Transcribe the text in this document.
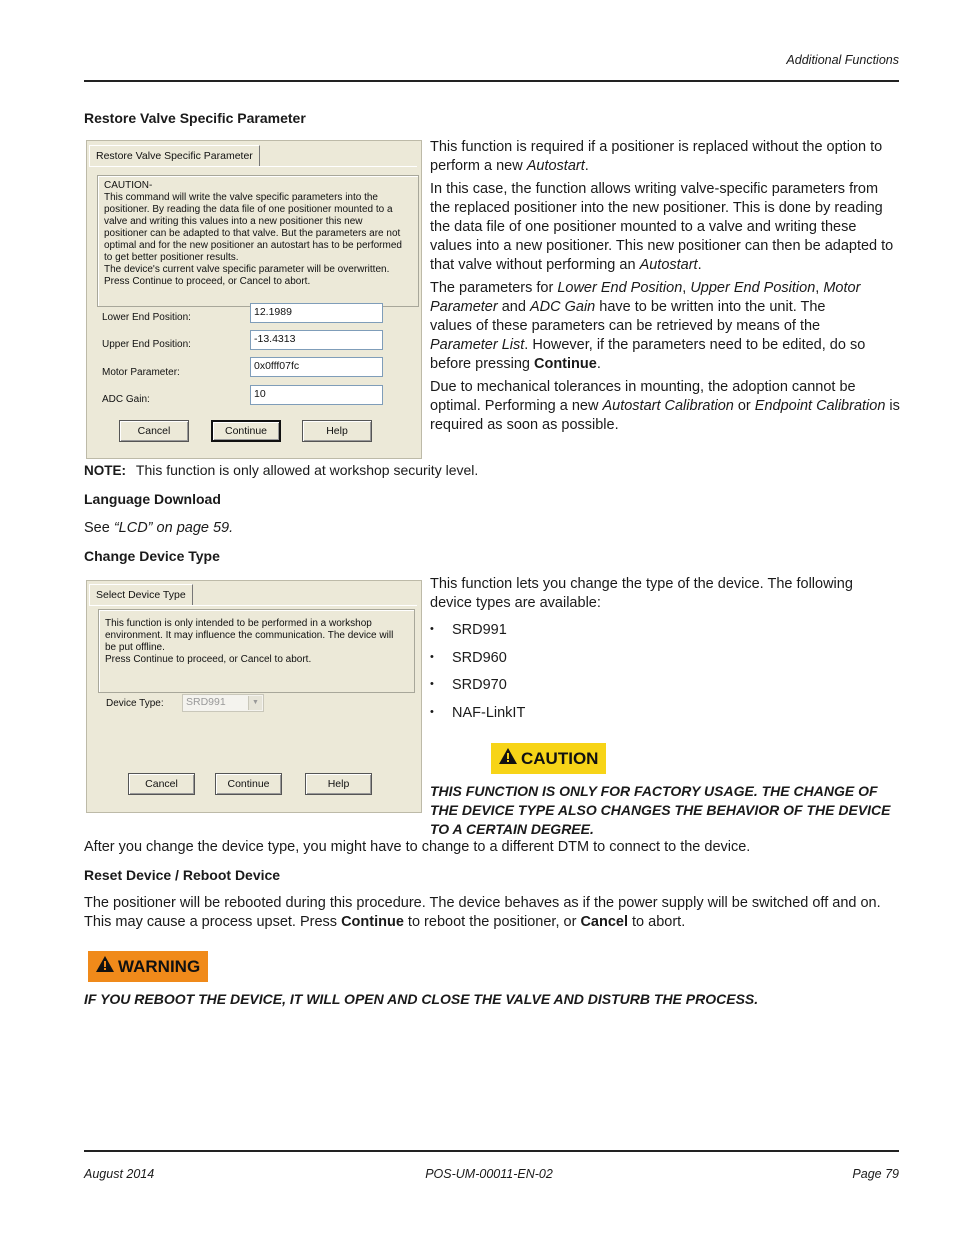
Additional Functions
Restore Valve Specific Parameter
Restore Valve Specific Parameter
CAUTION-
This command will write the valve specific parameters into the
positioner. By reading the data file of one positioner mounted to a
valve and writing this values into a new positioner this new
positioner can be adapted to that valve. But the parameters are not
optimal and for the new positioner an autostart has to be performed
to get better positioner results.
The device's current valve specific parameter will be overwritten.
Press Continue to proceed, or Cancel to abort.
Lower End Position:	12.1989
Upper End Position:	-13.4313
Motor Parameter:
0x0fff07fc
ADC Gain:	10
Cancel	Continue	Help

This function is required if a positioner is replaced without the option to perform a new Autostart.

In this case, the function allows writing valve-specific parameters from the replaced positioner into the new positioner. This is done by reading the data file of one positioner mounted to a valve and writing these values into a new positioner. This new positioner can then be adapted to that valve without performing an Autostart.

The parameters for Lower End Position, Upper End Position, Motor Parameter and ADC Gain have to be written into the unit. The values of these parameters can be retrieved by means of the Parameter List. However, if the parameters need to be edited, do so before pressing Continue.

Due to mechanical tolerances in mounting, the adoption cannot be optimal. Performing a new Autostart Calibration or Endpoint Calibration is required as soon as possible.

NOTE: This function is only allowed at workshop security level.
Language Download
See “LCD” on page 59.
Change Device Type
Select Device Type
This function is only intended to be performed in a workshop
environment. It may influence the communication. The device will
be put offline.
Press Continue to proceed, or Cancel to abort.
Device Type:	SRD991	▼
Cancel	Continue	Help
This function lets you change the type of the device. The following device types are available:
• SRD991
• SRD960
• SRD970
• NAF-LinkIT
CAUTION
THIS FUNCTION IS ONLY FOR FACTORY USAGE. THE CHANGE OF THE DEVICE TYPE ALSO CHANGES THE BEHAVIOR OF THE DEVICE TO A CERTAIN DEGREE.
After you change the device type, you might have to change to a different DTM to connect to the device.
Reset Device / Reboot Device

The positioner will be rebooted during this procedure. The device behaves as if the power supply will be switched off and on. This may cause a process upset. Press Continue to reboot the positioner, or Cancel to abort.

WARNING
IF YOU REBOOT THE DEVICE, IT WILL OPEN AND CLOSE THE VALVE AND DISTURB THE PROCESS.
August 2014	POS-UM-00011-EN-02	Page 79
